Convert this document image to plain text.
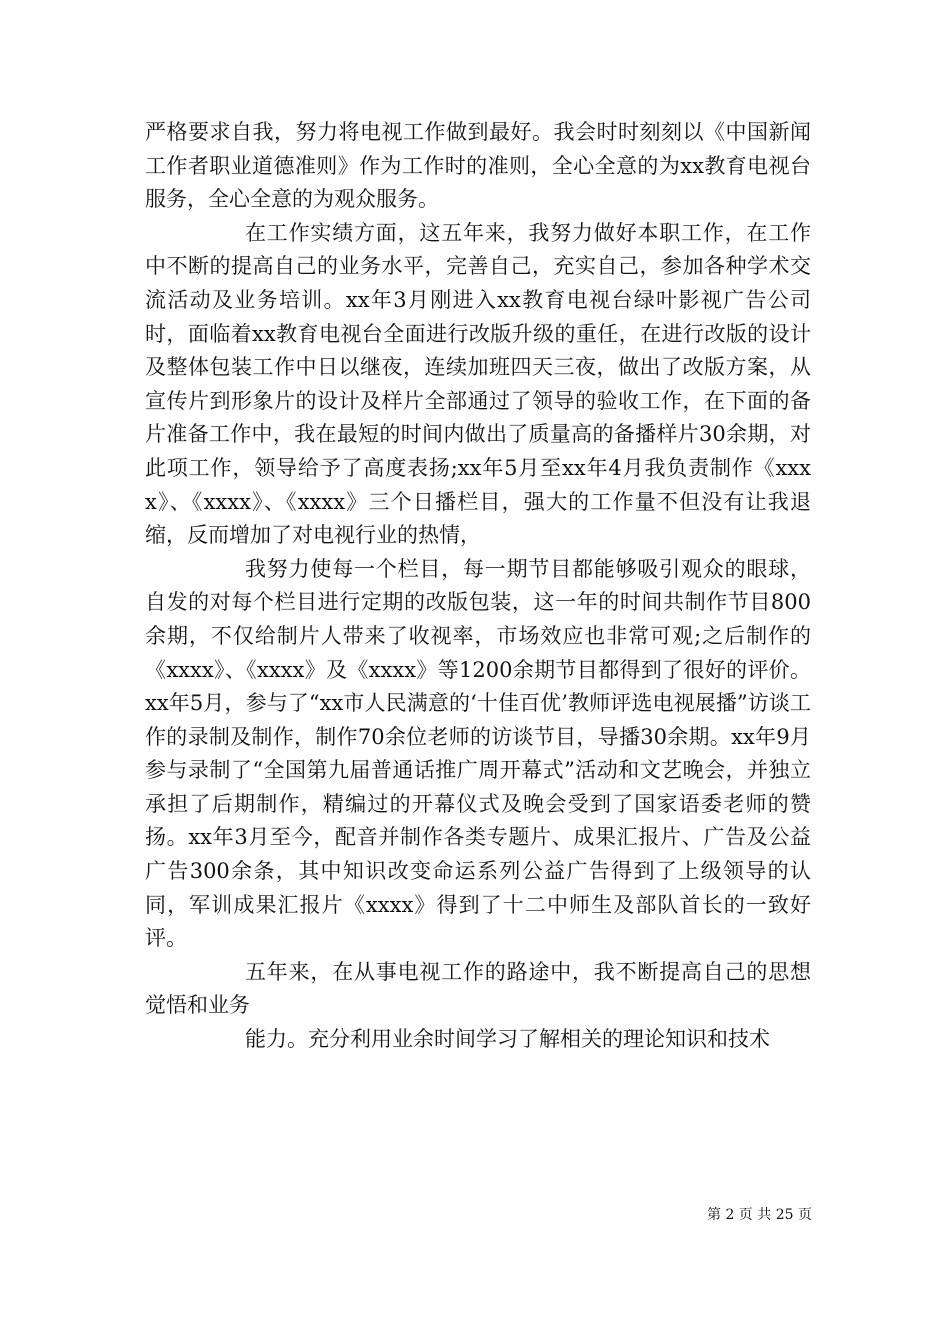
严格要求自我，努力将电视工作做到最好。我会时时刻刻以《中国新闻工作者职业道德准则》作为工作时的准则，全心全意的为xx教育电视台服务，全心全意的为观众服务。

在工作实绩方面，这五年来，我努力做好本职工作，在工作中不断的提高自己的业务水平，完善自己，充实自己，参加各种学术交流活动及业务培训。xx年3月刚进入xx教育电视台绿叶影视广告公司时，面临着xx教育电视台全面进行改版升级的重任，在进行改版的设计及整体包装工作中日以继夜，连续加班四天三夜，做出了改版方案，从宣传片到形象片的设计及样片全部通过了领导的验收工作，在下面的备片准备工作中，我在最短的时间内做出了质量高的备播样片30余期，对此项工作，领导给予了高度表扬;xx年5月至xx年4月我负责制作《xxxx》、《xxxx》、《xxxx》三个日播栏目，强大的工作量不但没有让我退缩，反而增加了对电视行业的热情，

我努力使每一个栏目，每一期节目都能够吸引观众的眼球，自发的对每个栏目进行定期的改版包装，这一年的时间共制作节目800余期，不仅给制片人带来了收视率，市场效应也非常可观;之后制作的《xxxx》、《xxxx》及《xxxx》等1200余期节目都得到了很好的评价。xx年5月，参与了“xx市人民满意的‘十佳百优’教师评选电视展播”访谈工作的录制及制作，制作70余位老师的访谈节目，导播30余期。xx年9月参与录制了“全国第九届普通话推广周开幕式”活动和文艺晚会，并独立承担了后期制作，精编过的开幕仪式及晚会受到了国家语委老师的赞扬。xx年3月至今，配音并制作各类专题片、成果汇报片、广告及公益广告300余条，其中知识改变命运系列公益广告得到了上级领导的认同，军训成果汇报片《xxxx》得到了十二中师生及部队首长的一致好评。

五年来，在从事电视工作的路途中，我不断提高自己的思想觉悟和业务

能力。充分利用业余时间学习了解相关的理论知识和技术

第 2 页 共 25 页
